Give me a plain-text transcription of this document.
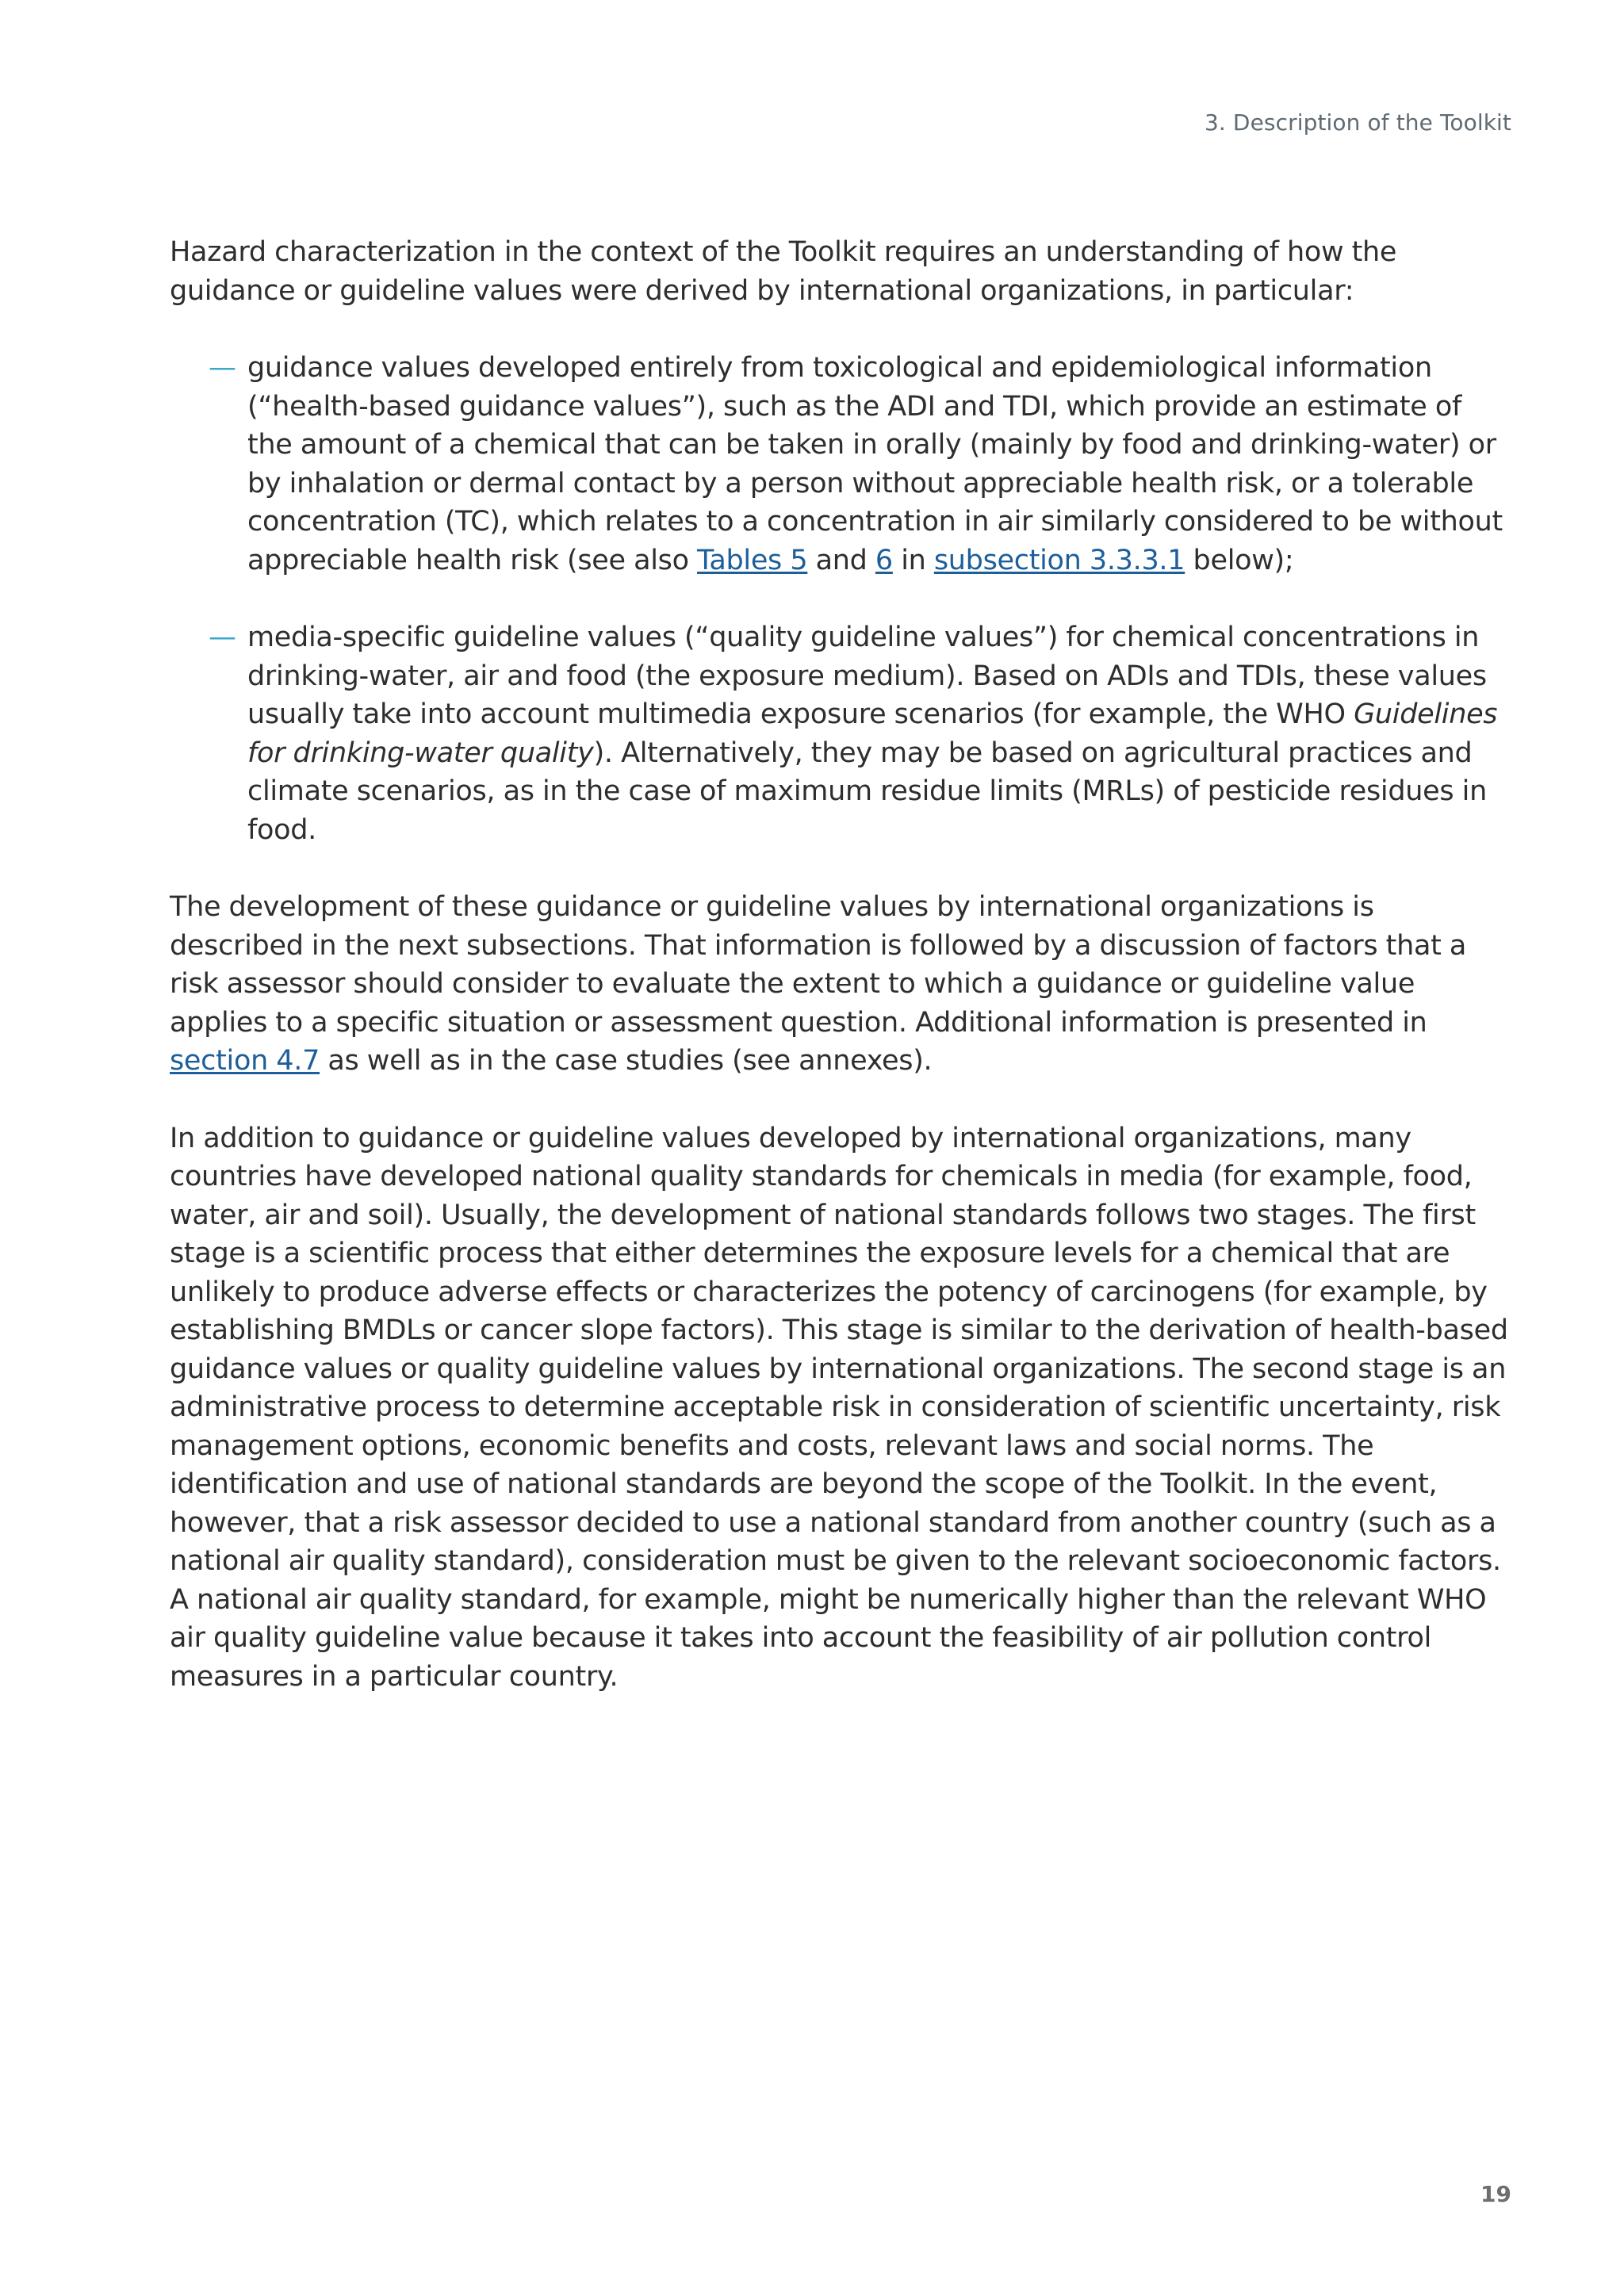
3. Description of the Toolkit

Hazard characterization in the context of the Toolkit requires an understanding of how the guidance or guideline values were derived by international organizations, in particular:

— guidance values developed entirely from toxicological and epidemiological information (“health-based guidance values”), such as the ADI and TDI, which provide an estimate of the amount of a chemical that can be taken in orally (mainly by food and drinking-water) or by inhalation or dermal contact by a person without appreciable health risk, or a tolerable concentration (TC), which relates to a concentration in air similarly considered to be without appreciable health risk (see also Tables 5 and 6 in subsection 3.3.3.1 below);
— media-specific guideline values (“quality guideline values”) for chemical concentrations in drinking-water, air and food (the exposure medium). Based on ADIs and TDIs, these values usually take into account multimedia exposure scenarios (for example, the WHO Guidelines for drinking-water quality). Alternatively, they may be based on agricultural practices and climate scenarios, as in the case of maximum residue limits (MRLs) of pesticide residues in food.

The development of these guidance or guideline values by international organizations is described in the next subsections. That information is followed by a discussion of factors that a risk assessor should consider to evaluate the extent to which a guidance or guideline value applies to a specific situation or assessment question. Additional information is presented in section 4.7 as well as in the case studies (see annexes).

In addition to guidance or guideline values developed by international organizations, many countries have developed national quality standards for chemicals in media (for example, food, water, air and soil). Usually, the development of national standards follows two stages. The first stage is a scientific process that either determines the exposure levels for a chemical that are unlikely to produce adverse effects or characterizes the potency of carcinogens (for example, by establishing BMDLs or cancer slope factors). This stage is similar to the derivation of health-based guidance values or quality guideline values by international organizations. The second stage is an administrative process to determine acceptable risk in consideration of scientific uncertainty, risk management options, economic benefits and costs, relevant laws and social norms. The identification and use of national standards are beyond the scope of the Toolkit. In the event, however, that a risk assessor decided to use a national standard from another country (such as a national air quality standard), consideration must be given to the relevant socioeconomic factors. A national air quality standard, for example, might be numerically higher than the relevant WHO air quality guideline value because it takes into account the feasibility of air pollution control measures in a particular country.

19
